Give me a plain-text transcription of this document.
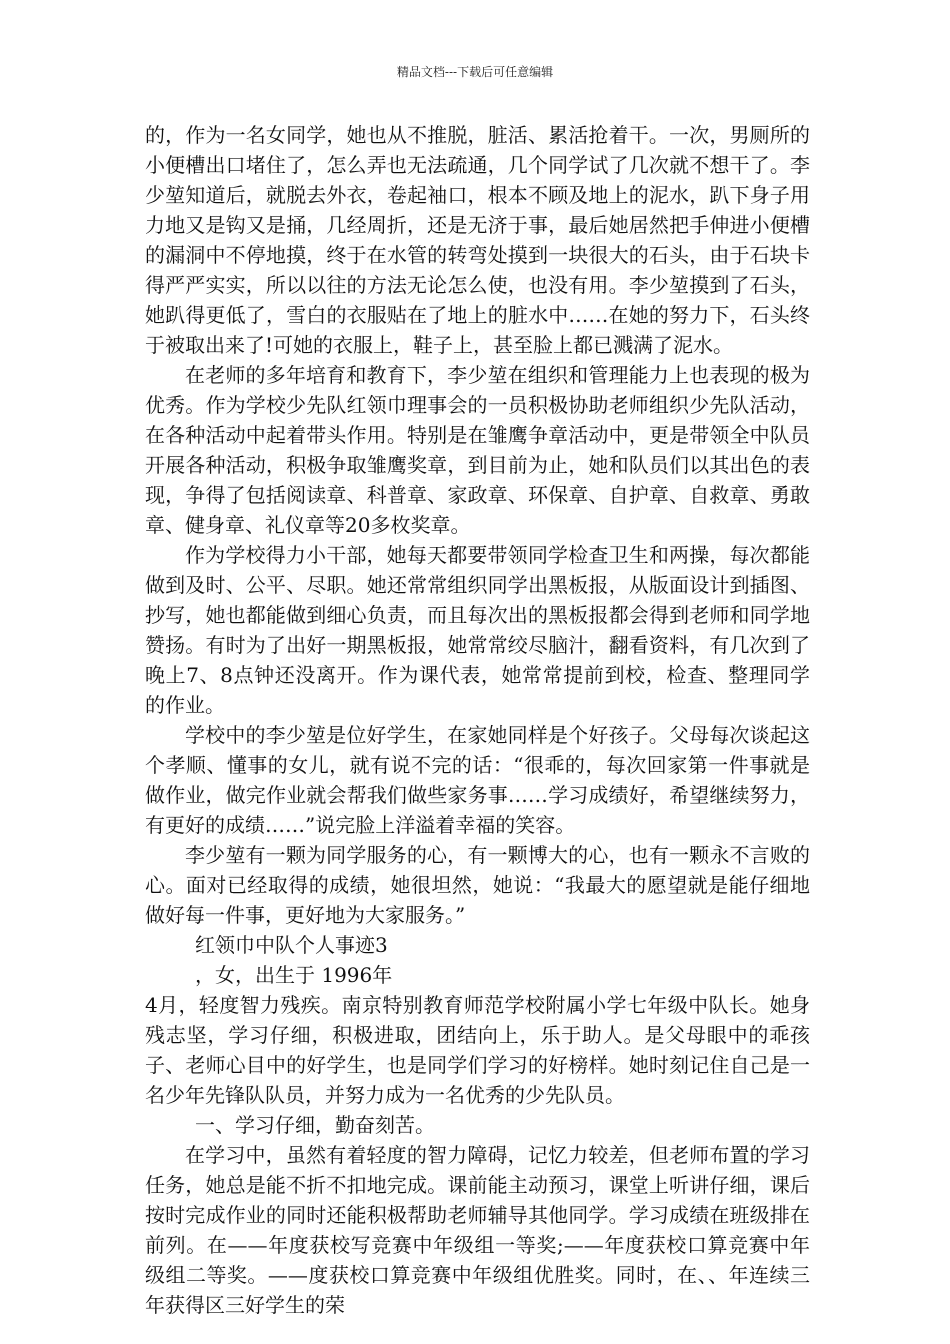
精品文档---下载后可任意编辑

的，作为一名女同学，她也从不推脱，脏活、累活抢着干。一次，男厕所的小便槽出口堵住了，怎么弄也无法疏通，几个同学试了几次就不想干了。李少堃知道后，就脱去外衣，卷起袖口，根本不顾及地上的泥水，趴下身子用力地又是钩又是捅，几经周折，还是无济于事，最后她居然把手伸进小便槽的漏洞中不停地摸，终于在水管的转弯处摸到一块很大的石头，由于石块卡得严严实实，所以以往的方法无论怎么使，也没有用。李少堃摸到了石头，她趴得更低了，雪白的衣服贴在了地上的脏水中……在她的努力下，石头终于被取出来了!可她的衣服上，鞋子上，甚至脸上都已溅满了泥水。

在老师的多年培育和教育下，李少堃在组织和管理能力上也表现的极为优秀。作为学校少先队红领巾理事会的一员积极协助老师组织少先队活动，在各种活动中起着带头作用。特别是在雏鹰争章活动中，更是带领全中队员开展各种活动，积极争取雏鹰奖章，到目前为止，她和队员们以其出色的表现，争得了包括阅读章、科普章、家政章、环保章、自护章、自救章、勇敢章、健身章、礼仪章等20多枚奖章。

作为学校得力小干部，她每天都要带领同学检查卫生和两操，每次都能做到及时、公平、尽职。她还常常组织同学出黑板报，从版面设计到插图、抄写，她也都能做到细心负责，而且每次出的黑板报都会得到老师和同学地赞扬。有时为了出好一期黑板报，她常常绞尽脑汁，翻看资料，有几次到了晚上7、8点钟还没离开。作为课代表，她常常提前到校，检查、整理同学的作业。

学校中的李少堃是位好学生，在家她同样是个好孩子。父母每次谈起这个孝顺、懂事的女儿，就有说不完的话：“很乖的，每次回家第一件事就是做作业，做完作业就会帮我们做些家务事……学习成绩好，希望继续努力，有更好的成绩……”说完脸上洋溢着幸福的笑容。

李少堃有一颗为同学服务的心，有一颗博大的心，也有一颗永不言败的心。面对已经取得的成绩，她很坦然，她说：“我最大的愿望就是能仔细地做好每一件事，更好地为大家服务。”

红领巾中队个人事迹3

，女，出生于 1996年

4月，轻度智力残疾。南京特别教育师范学校附属小学七年级中队长。她身残志坚，学习仔细，积极进取，团结向上，乐于助人。是父母眼中的乖孩子、老师心目中的好学生，也是同学们学习的好榜样。她时刻记住自己是一名少年先锋队队员，并努力成为一名优秀的少先队员。

一、学习仔细，勤奋刻苦。

在学习中，虽然有着轻度的智力障碍，记忆力较差，但老师布置的学习任务，她总是能不折不扣地完成。课前能主动预习，课堂上听讲仔细，课后按时完成作业的同时还能积极帮助老师辅导其他同学。学习成绩在班级排在前列。在——年度获校写竞赛中年级组一等奖;——年度获校口算竞赛中年级组二等奖。——度获校口算竞赛中年级组优胜奖。同时，在、、年连续三年获得区三好学生的荣
